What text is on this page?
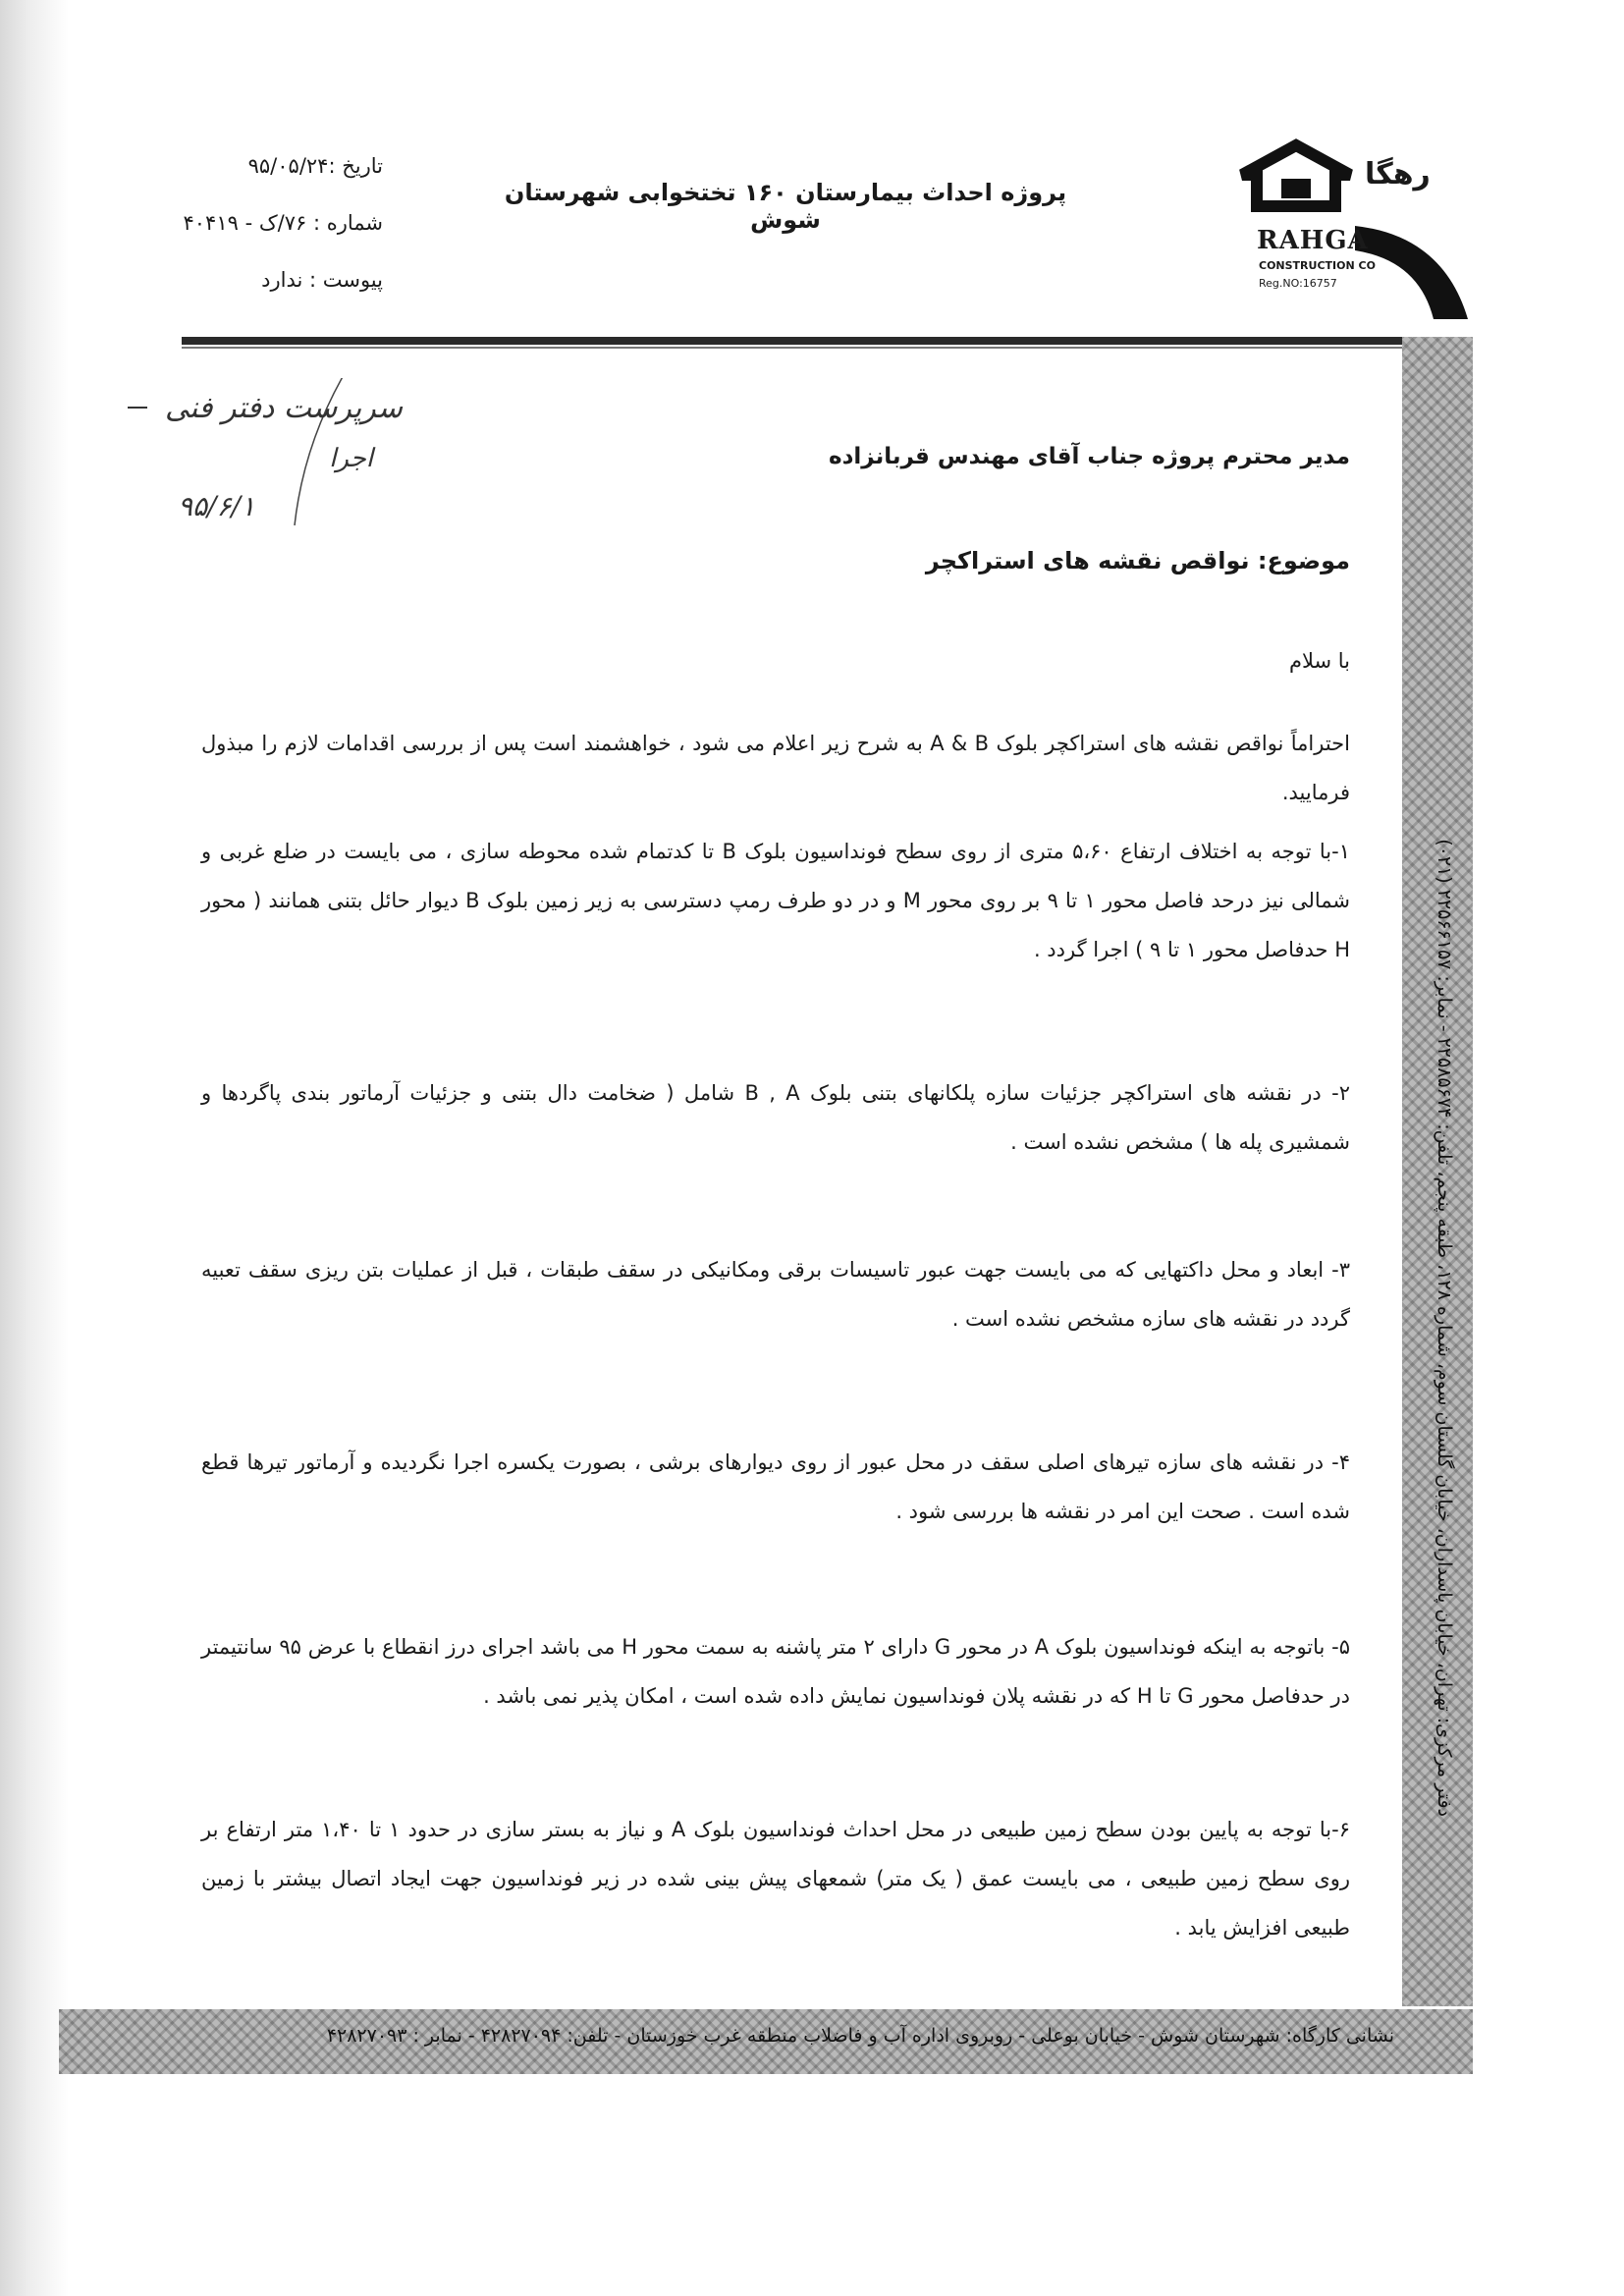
تاریخ :۹۵/۰۵/۲۴
شماره : ۷۶/ک - ۴۰۴۱۹
پیوست : ندارد
پروژه احداث بیمارستان ۱۶۰ تختخوابی شهرستان شوش
رهگا
RAHGA
CONSTRUCTION CO
Reg.NO:16757
سرپرست دفتر فنی
اجرا
۹۵/۶/۱
مدیر محترم پروژه جناب آقای مهندس قربانزاده
موضوع: نواقص نقشه های استراکچر
با سلام
احتراماً نواقص نقشه های استراکچر بلوک A & B به شرح زیر اعلام می شود ، خواهشمند است پس از بررسی اقدامات لازم را مبذول فرمایید.
۱-با توجه به اختلاف ارتفاع ۵،۶۰ متری از روی سطح فونداسیون بلوک B تا کدتمام شده محوطه سازی ، می بایست در ضلع غربی و شمالی نیز درحد فاصل محور ۱ تا ۹ بر روی محور M و در دو طرف رمپ دسترسی به زیر زمین بلوک B دیوار حائل بتنی همانند ( محور H حدفاصل محور ۱ تا ۹ ) اجرا گردد .
۲- در نقشه های استراکچر جزئیات سازه پلکانهای بتنی بلوک B , A شامل ( ضخامت دال بتنی و جزئیات آرماتور بندی پاگردها و شمشیری پله ها ) مشخص نشده است .
۳- ابعاد و محل داکتهایی که می بایست جهت عبور تاسیسات برقی ومکانیکی در سقف طبقات ، قبل از عملیات بتن ریزی سقف تعبیه گردد در نقشه های سازه مشخص نشده است .
۴- در نقشه های سازه تیرهای اصلی سقف در محل عبور از روی دیوارهای برشی ، بصورت یکسره اجرا نگردیده و آرماتور تیرها قطع شده است . صحت این امر در نقشه ها بررسی شود .
۵- باتوجه به اینکه فونداسیون بلوک A در محور G دارای ۲ متر پاشنه به سمت محور H می باشد اجرای درز انقطاع با عرض ۹۵ سانتیمتر در حدفاصل محور G تا H که در نقشه پلان فونداسیون نمایش داده شده است ، امکان پذیر نمی باشد .
۶-با توجه به پایین بودن سطح زمین طبیعی در محل احداث فونداسیون بلوک A و نیاز به بستر سازی در حدود ۱ تا ۱،۴۰ متر ارتفاع بر روی سطح زمین طبیعی ، می بایست عمق ( یک متر) شمعهای پیش بینی شده در زیر فونداسیون جهت ایجاد اتصال بیشتر با زمین طبیعی افزایش یابد .
دفتر مرکزی: تهران، خیابان پاسداران، خیابان گلستان سوم، شماره ۱۲۸، طبقه پنجم، تلفن: ۲۲۵۸۵۶۷۴ - نمابر: ۲۲۵۶۶۱۵۷ (۰۲۱)
نشانی کارگاه: شهرستان شوش - خیابان بوعلی - روبروی اداره آب و فاضلاب منطقه غرب خوزستان - تلفن: ۴۲۸۲۷۰۹۴ - نمابر : ۴۲۸۲۷۰۹۳
